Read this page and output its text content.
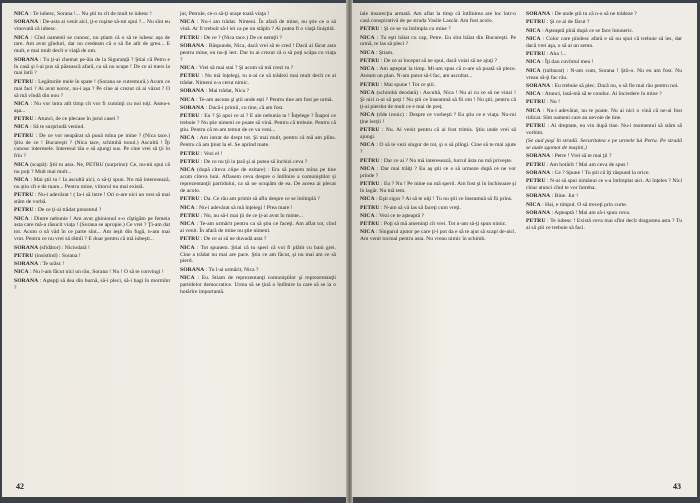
NICA : Te iubesc, Sorana !... Nu ştii tu cît de mult te iubesc !

SORANA : De-asta ai venit aici, ţi-e ruşine să-mi spui ?... Nu sînt eu vinovată că iubesc.

NICA : Cînd oamenii se cunosc, nu ştiam că o să te iubesc așa de tare. Am avut gînduri, dar nu credeam că o să fie atît de greu... E mult, e mai mult decît o viaţă de om.

SORANA : Tu ţi-ai chemat pe-ăia de la Siguranţă ? Ştiai că Petru e în casă şi l-ai pus să păzească afară, ca să nu scape ! De ce ai mers la mai întîi ?

PETRU : Legăturile mele în spate ! (Sorana se cutremură.) Acum ce mai faci ? Ai avut noroc, nu-i aşa ? Pe cine ai crezut că ai văzut ? O să mă vîndă din nou ?

NICA : Nu vor intra atît timp cît vor fi cuminţi cu noi toţi. Astea-s aşa...

PETRU : Atunci, de ce plecase în jurul casei ?

NICA : Să te surprindă venind.

PETRU : De ce vor neapărat să pună mîna pe mine ? (Nica tace.) Ştiu de ce ! Bucureşti ? (Nica tace, schimbă tonul.) Ascultă ! Îţi cunosc interesele. Interesul tău e să ajungi sus. Pe cine vrei să ţii în frîu ?

NICA (scapă): Ştii tu asta. Ne, PETRU (surprins): Ce, nu-mi spui că nu poţi ? Mult mai mult...

NICA : Mai ştii tu ! Ia ascultă aici, o să-ţi spun. Nu mă interesează, nu ştiu cît e de mare... Pentru mine, viitorul nu mai există.

PETRU : Nu-i adevărat ! ( Ia-i să intre ! Ori n-are nici un rost să mai stăm de vorbă.

PETRU : De ce ţi-ai trădat prezentul ?

NICA : Dintre nebunie ! Am avut ghinionul s-o cîştigăm pe femeia asta care mă-a răsucit viaţa ! (Sorana se apropie.) Ce vrei ? Ţi-am dat tot. Acum o să văd în ce parte sînt... Am ieşit din fugă, n-am mai vrut. Pentru ce nu vrei să rămîi ? E doar pentru că mă iubeşti...

SORANA (sfidător) : Niciodată !

PETRU (insistînd) : Sorana !

SORANA : Te urăsc !

NICA : Nu l-am făcut nici un rău, Sorana ! Nu ! O să te convingi !

SORANA : Aştepţi să dea din burnă, să-i pleci, să-i bagi în mormînt ?

jur, Petrule, ce-o să-ţi uraşe toată viaţa !

NICA : Nu-i am trădat. Nimeni. În afară de mine, nu ştie ce o să vină. Ar fi trebuit să-l iei ca pe un stăpîn ? Ai putea fi o viaţă liniştită.

PETRU : De ce ? (Nica tace.) De ce nemţii ?

SORANA : Răspunde, Nica, dacă vrei să te cred ! Dacă ai făcut asta pentru mine, eu nu-ţi iert. Dar tu ai crezut că o să poţi scăpa cu viaţa ?

NICA : Vrei să mai stai ? Şi acum să mă crezi tu ?

PETRU : Nu mă înţelegi, tu n-ai ce să trădezi mai mult decît ce ai trădat. Nimeni n-a cerut nimic.

SORANA : Mai trădat, Nica ?

NICA : Te-am ascuns şi ştii unde ești ? Pentru tine am fost pe urmă.

SORANA : Dacă-i primii, cu tine, că am fost.

PETRU : Eu ? Şi apoi ce ai ? E ale nebunia ta ! Înţelege ? Înapoi ce trebuie ? Nu ştie nimeni ce poate să vină. Pentru că trebuie. Pentru că ştiu. Pentru că m-am temut de ce va veni...

NICA : Am intrat de drept tot. Şi mai mult, pentru că mă am plîns. Pentru că am ţinut la el. Se aprind toate.

PETRU : Vezi el !

PETRU : De ce nu ţii la ţară şi ai putea să închizi ceva ?

NICA (după cîteva clipe de ezitare) : Era să punem mîna pe tine acum cîteva luni. Aflasem ceva despre o întîlnire a comuniştilor și reprezentanţii partidului, ca să ne ocupăm de ea. De aceea ai plecat de acolo.

PETRU : Da. Ce rău am primit să aflu despre ce se întîmplă ?

NICA : Nu-i adevărat să mă înţelegi ! Prea mare !

PETRU : Nu, nu să-l mai ţii de ce ţi-ai avut în minte...

NICA : Te-am urmărit pentru ca să ştiu ce faceţi. Am aflat tot, cînd ai venit. În afară de mine nu ştie nimeni.

PETRU : De ce ai să ne duvadă asta ?

NICA : Tot spunem. Ştiai că tu speri că voi fi plătit cu bani grei. Cine a trădat nu mai are pace. Ştiu ce am făcut, şi nu mai am ce să pierd.

SORANA : Tu l-ai urmărit, Nica ?

NICA : Eu. Stiam de reprezentanţi comuniştilor şi reprezentanţii partidelor democratice. Urma să se ţină o întîlnire la care să se ia o hotărîre importantă.

42

iale insurecţia armată. Am aflat la timp că întîlnirea are loc într-o casă conspirativă de pe strada Vasile Lascăr. Am fost acolo.

PETRU : Şi ce se va întîmpla cu mine ?

NICA : Tu eşti băiat cu cap, Petre. Eu sînt băiat din Bucureşti. Pe urmă, te las să pleci ?

NICA : Ştiam.

PETRU : De ce ai început să ne spui, dacă voiai să ne ajuţi ?

NICA : Am aşteptat la timp. Mi-am spus că n-are să poată să plece. Aveam un plan. N-am putut să-l fac, am ascultat...

PETRU : Mai spune ! Tot ce ştii.

NICA (schimbă deodată) : Ascultă, Nica ! Nu ai cu ce să ne vinzi ! Şi nici n-ai să poţi ! Nu ştii ce înseamnă să fii om ! Nu ştii, pentru că ţi-ai pierdut de mult ce e mai de preţ.

NICA (rîde ironic) : Despre ce vorbeşti ? Eu ştiu ce e viaţa. Nu-mi ţine lecţii !

PETRU : Nu. Ai venit pentru că ai fost trimis. Ştiu unde vrei să ajungi.

NICA : O să te vezi singur de tot, şi o să plîngi. Cine să te mai ajute ?

PETRU : Dar ce ai ? Nu mă interesează, lucrul ăsta nu mă priveşte.

NICA : Dar mai trăiţi ? Eu aş ştii ce o să urmeze după ce ne vor prinde ?

PETRU : Eu ? Nu ! Pe mine nu mă sperii. Am fost şi în închisoare şi în lagăr. Nu mă tem.

NICA : Eşti sigur ? Ai să te uiţi ! Tu nu ştii ce înseamnă să fii prins.

PETRU : N-am să vă las să faceţi cum vreţi.

NICA : Vezi ce te aşteaptă ?

PETRU : Poţi să mă ameninţi cît vrei. Tot n-am să-ţi spun nimic.

NICA : Singurul ajutor pe care ţi-l pot da e să te ajut să scapi de-aici. Am venit tocmai pentru asta. Nu vreau nimic în schimb.

SORANA : De unde ştii tu că n-o să ne trădeze ?

PETRU : Şi ce ai de făcut ?

NICA : Aşteaptă pînă după ce se face întuneric.

NICA : Color care pîndesc afară e să nu spui că trebuie să ies, dar dacă vrei aşa, o să ai un semn.

PETRU : Aha !...

NICA : Îţi dau cuvîntul meu !

NICA (tulburat) : N-am cum, Sorana ! Ştii-o. Nu eu am fost. Nu vreau să-ţi fac rău.

SORANA : Eu trebuie să plec. Dacă nu, o să fie mai rău pentru noi.

NICA : Atunci, lasă-mă să te conduc. Ai încredere în mine ?

PETRU : Nu !

NICA : Nu-i adevărat, nu te poate. Nu ai nici o vină că ne-ai fost ridicat. Sînt oameni care au nevoie de tine.

PETRU : Ai dreptate, eu vin după tine. Nu-i momentul să stăm să vorbim.

(Se aud paşi în stradă. Securitatea e pe urmele lui Petru. Pe stradă se aude zgomot de maşini.)

SORANA : Petre ! Vrei să te mai ţii ?

PETRU : Am hotărît ! Mai am ceva de spus !

SORANA : Ce ? Spune ! Tu ştii că îţi răspund la orice.

PETRU : N-ai să spui nimănui ce s-a întîmplat aici. Ai înţeles ? Nici chiar atunci cînd te vor întreba.

SORANA : Bine. Jur !

NICA : Hai, e timpul. O să treceţi prin curte.

SORANA : Aşteaptă ! Mai am să-i spun ceva.

PETRU : Te iubesc ! Există ceva mai sfînt decît dragostea asta ? Tu ai să ştii ce trebuie să faci.

43
